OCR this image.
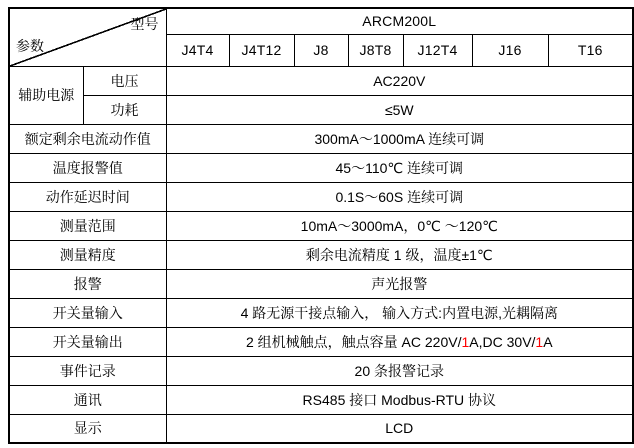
型号
参数		ARCM200L						
		J4T4	J4T12	J8	J8T8	J12T4	J16	T16
辅助电源	电压	AC220V						
	功耗	≤5W						
额定剩余电流动作值		300mA～1000mA 连续可调						
温度报警值		45～110℃ 连续可调						
动作延迟时间		0.1S～60S 连续可调						
测量范围		10mA～3000mA，0℃ ～120℃						
测量精度		剩余电流精度 1 级，温度±1℃						
报警		声光报警						
开关量输入		4 路无源干接点输入， 输入方式:内置电源,光耦隔离						
开关量输出		2 组机械触点，触点容量 AC 220V/1A,DC 30V/1A						
事件记录		20 条报警记录						
通讯		RS485 接口 Modbus-RTU 协议						
显示		LCD						
